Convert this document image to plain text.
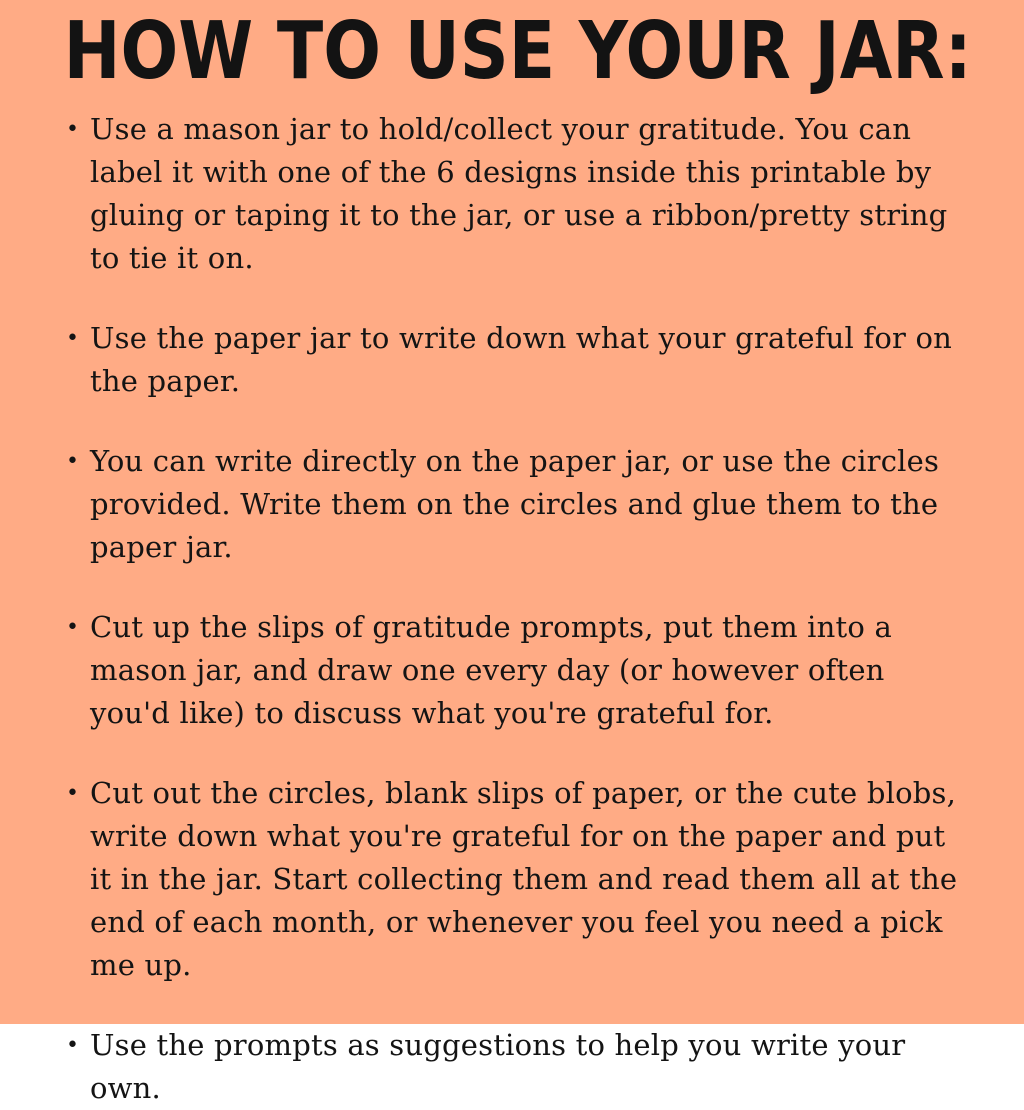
HOW TO USE YOUR JAR:
• Use a mason jar to hold/collect your gratitude. You can label it with one of the 6 designs inside this printable by gluing or taping it to the jar, or use a ribbon/pretty string to tie it on.
• Use the paper jar to write down what your grateful for on the paper.
• You can write directly on the paper jar, or use the circles provided. Write them on the circles and glue them to the paper jar.
• Cut up the slips of gratitude prompts, put them into a mason jar, and draw one every day (or however often you'd like) to discuss what you're grateful for.
• Cut out the circles, blank slips of paper, or the cute blobs, write down what you're grateful for on the paper and put it in the jar. Start collecting them and read them all at the end of each month, or whenever you feel you need a pick me up.
• Use the prompts as suggestions to help you write your own.
